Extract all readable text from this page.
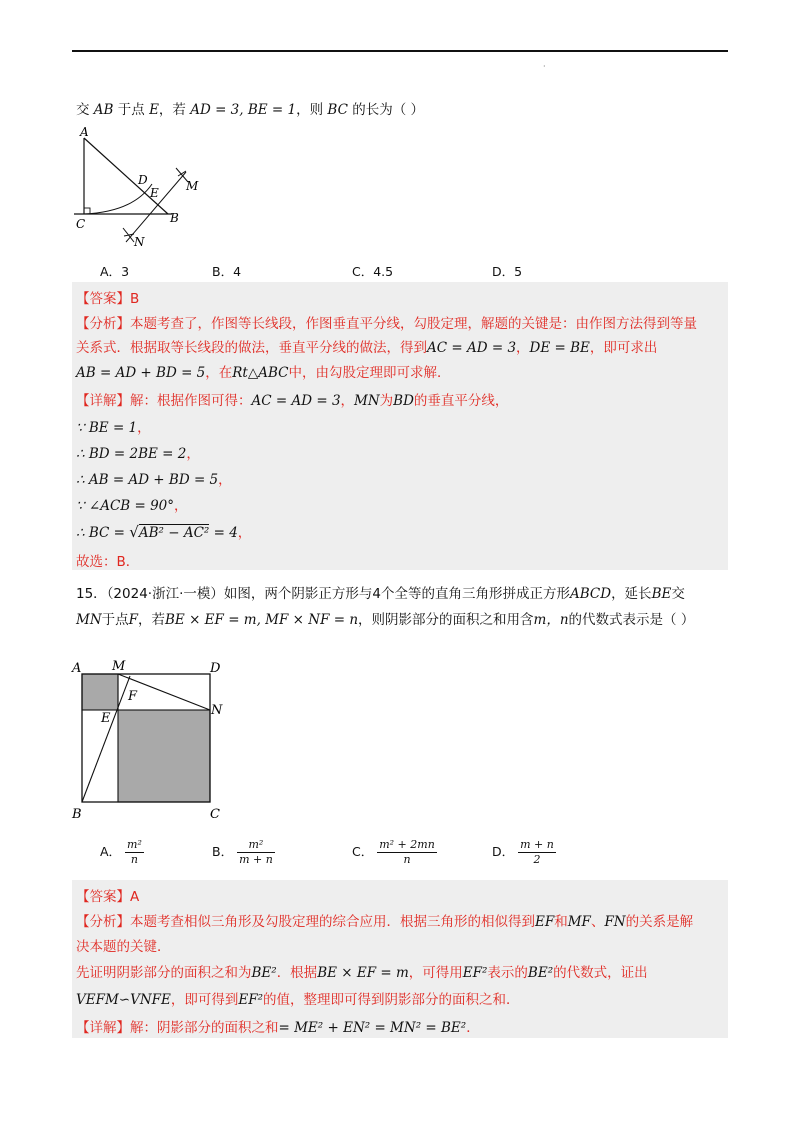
·
交 AB 于点 E，若 AD = 3, BE = 1，则 BC 的长为（ ）
A
C	B
D
E M
N
A．3	B．4	C．4.5	D．5
【答案】B
【分析】本题考查了，作图等长线段，作图垂直平分线，勾股定理，解题的关键是：由作图方法得到等量
关系式．根据取等长线段的做法，垂直平分线的做法，得到AC = AD = 3，DE = BE，即可求出
AB = AD + BD = 5，在Rt△ABC中，由勾股定理即可求解．
【详解】解：根据作图可得：AC = AD = 3，MN为BD的垂直平分线，
∵ BE = 1，
∴ BD = 2BE = 2，
∴ AB = AD + BD = 5，
∵ ∠ACB = 90°，
∴ BC = √AB² − AC² = 4，
故选：B．
15．（2024·浙江·一模）如图，两个阴影正方形与4个全等的直角三角形拼成正方形ABCD，延长BE交
MN于点F，若BE × EF = m, MF × NF = n，则阴影部分的面积之和用含m，n的代数式表示是（ ）
A M	D
F
E
N
B	C
A． $\frac{\text{m²}}{n}$	B． $\frac{\text{m²}}{m + n}$	C． $\frac{\text{m² + 2mn}}{n}$	D． $\frac{m + n}{2}$
【答案】A
【分析】本题考查相似三角形及勾股定理的综合应用．根据三角形的相似得到EF和MF、FN的关系是解
决本题的关键．
先证明阴影部分的面积之和为BE²．根据BE × EF = m，可得用EF²表示的BE²的代数式，证出
VEFM∽VNFE，即可得到EF²的值，整理即可得到阴影部分的面积之和．
【详解】解：阴影部分的面积之和= ME² + EN² = MN² = BE²．
